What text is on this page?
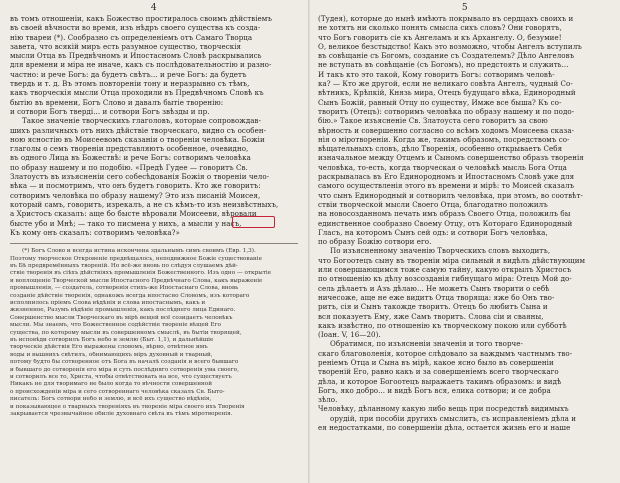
4
въ томъ отношеніи, какъ Божество простиралось своимъ дѣйствіемъ
въ своей вѣчности во время, изъ нѣдръ своего существа къ созда-
нію твареи (*). Сообразно съ определеніемъ отъ Самаго Творца
завета, что всякій миръ есть разумное существо, творческія
мысли Отца въ Предвѣчномъ и Ипостасномъ Словѣ раскрывались
для времени и міра не иначе, какъ съ послѣдовательностію и разно-
частно: и рече Богъ: да будетъ свѣтъ... и рече Богъ: да будетъ
твердь и т. д. Въ этомъ повтореніи тону и неразрывно съ тѣмъ,
какъ творческія мысли Отца проходили въ Предвѣчномъ Словѣ къ
бытію въ времени, Богъ Слово и давалъ бытіе творенію:
и сотвори Богъ тверді... и сотвори Богъ звѣзды и пр.
Такое значеніе творческихъ глаголовъ, которые сопровождав-
шихъ различныхъ отъ нихъ дѣйствіе творческаго, видно съ особен-
ною ясностію въ Моисеевомъ сказаніи о твореніи человѣка. Божіи
глаголы о семъ твореніи представляютъ особенное, очевидно,
въ одного Лица въ Божествѣ: и рече Богъ: сотворимъ человѣка
по образу нашему и по подобію. «Предѣ Гудее — говоритъ Св.
Златоустъ въ изъясненіи сего собесѣдованія Божія о твореніи чело-
вѣка — и посмотримъ, что онъ будетъ говорить. Кто же говоритъ:
сотворимъ человѣка по образу нашему? Это изъ писаній Моисея,
который самъ, говоритъ, изрекалъ, а не съ кѣмъ-то изъ неизвѣстныхъ,
а Христосъ сказалъ: аще бо бысте вѣровали Моисееви, вѣровали
бысте убо и Мнѣ; — тако то писмена у нихъ, а мысли у насъ,
Къ кому онъ сказалъ: сотворимъ человѣка?»
(*) Богъ Слово и всегда истина искончена здальнымъ симъ своимъ (Евр. 1,3).
Поэтому творческое Откровеніе предвѣщалось, неподвижное Божіе существованіе
въ Бѣ предвремённыхъ твореній. Но всё-же вновь по слѣдуя слушаемъ дѣй-
ствіе творенія въ сіѣхъ дѣйствіяхъ промышленія Божественного. Изъ одно — открытіе
и воплощеніе Творческой мысли Ипостасного Предвѣчнаго Слова, какъ выраженіе
промышленія, — создатель, сотворенія стихъ-же Ипостаснаго Слова, вновь
созданіе дѣйствіе творенія, однакожъ всегда ипостасно Словомъ, изъ котораго
исполнилось пріемъ Слова вѣдѣнія и слова ипостаснымъ, какъ и
жизненное, Разумъ вѣдѣніе промышленія, какъ послѣднего лица Единаго.
Совершенство мысли Творческаго въ мірѣ вещей всё созидаетъ человѣкъ
мысли. Мы знаемъ, что Божественное содѣйствіе твореніе вѣщей Его
существа, по которому мысли въ совершенномъ смыслѣ, въ бытіи творящей,
въ исповѣди сотворилъ Богъ небо и землю (Быт. 1,1), и дальнѣйшіе
творческіе дѣйствія Его выражены словомъ, вѣрно, отвѣтное имъ
воды и вышнихъ свѣтилъ, обнимающихъ міръ духовный и тварный,
потому будто бы сотворенное отъ Бога въ началѣ созданія и всего бывшаго
и бывшаго до сотворенія его міра и суть послѣдняго сотворенія ума своего,
и сотворилъ все то, Христа, чтобы отвѣтствовать на все, что существуетъ
Никакъ не для творимаго не было когда то вѣчности совершенной
о происхожденіи міра и сего сотвореннаго человѣка сказалъ Св. Быто-
писатель: Богъ сотвори небо и землю, и всё ихъ существо вѣдѣнія,
и показывающее о тварныхъ твореніяхъ въ твореніе міра своего ихъ Творенія
закрывается чрезвычайное обиліе духовнаго свѣта въ тѣмъ міротворенія.
5
(Тудея), которые до нынѣ имѣютъ покрывало въ сердцахъ своихъ и
не хотятъ ни сколько понять смысла сихъ словъ? Они говорятъ,
что Богъ говоритъ сіе къ Ангеламъ и къ Архангелу. О, безумие!
О, великое безстыдство! Какъ это возможно, чтобы Ангелъ вступилъ
въ совѣщаніе съ Богомъ, создание съ Создателемъ? Дѣло Ангеловъ
не вступать въ совѣщаніе (съ Богомъ), но предстоять и служить...
И такъ кто это такой, Кому говоритъ Богъ: сотворимъ человѣ-
ка? — Кто же другой, если не великаго совѣта Ангелъ, чудный Со-
вѣтникъ, Крѣпкій, Князь мира, Отецъ будущаго вѣка, Единородный
Сынъ Божій, равный Отцу по существу, Имже все быша? Къ со-
творитъ (Отецъ): сотворимъ человѣка по образу нашему и по подо-
бію.» Такое изъясненіе Св. Златоуста сего говоритъ за свою
вѣрность и совершенно согласно со всѣмъ ходомъ Моисеева сказа-
нія о міротвореніи. Когда же, такимъ образомъ, посредствомъ со-
вѣщательныхъ словъ, дѣло Творенія, особенно открываетъ Себя
изначальное между Отцемъ и Сыномъ совершенство образъ творенія
человѣка, то-есть, когда творческая о человѣкѣ мысль Бога Отца
раскрывалась въ Его Единородномъ и Ипостасномъ Словѣ уже для
самого осуществленія этого въ времени и мірѣ: то Моисей сказалъ
что сынъ Единородный и сотворилъ человѣка, при этомъ, во соотвѣт-
ствіи творческой мысли Своего Отца, благодатно положилъ
на новосозданномъ печать имъ образъ Своего Отца, положилъ бы
единственное сообразно Своему Отцу, отъ Котораго Единородный
Гласъ, на которомъ Сынъ сей одъ: и сотвори Богъ человѣка,
по образу Божію сотвори его.
По изъясненному значенію Творческихъ словъ выходитъ,
что Богоотецъ сыну въ твореніи міра сильный я видѣлъ дѣйствующим
или совершающимся тоже самую тайну, какую открылъ Христосъ
по отношенію къ дѣлу возсозданія гибнущаго міра: Отецъ Мой до-
сель дѣлаетъ и Азъ дѣлаю... Не можетъ Сынъ творити о себѣ
ничесоже, аще не еже видитъ Отца творяща: яже бо Онъ тво-
ритъ, сія и Сынъ такожде творитъ. Отецъ бо любитъ Сына и
вся показуетъ Ему, яже Самъ творитъ. Слова сіи и сваяны,
какъ извѣстно, по отношенію къ творческому покою или субботѣ
(Іоан. V, 16—20).
Обратимся, по изъясненіи значенія и того творче-
скаго благоволенія, которое слѣдовало за важдымъ частнымъ тво-
реніемъ Отца и Сына въ мірѣ, какое ясно было въ совершеніи
твореній Его, равно какъ и за совершеніемъ всего творческаго
дѣла, и которое Богоотецъ выражаетъ такимъ образомъ: и видѣ
Богъ, яко добро... и видѣ Богъ вся, елика сотвори; и се добра
зѣло.
Человѣку, дѣланному какую либо вещь при посредствѣ видимыхъ
орудій, при пособіи другихъ смыслитъ, съ исправленіемъ дѣла и
ея недостатками, по совершеніи дѣла, остается жизнь его и наше
